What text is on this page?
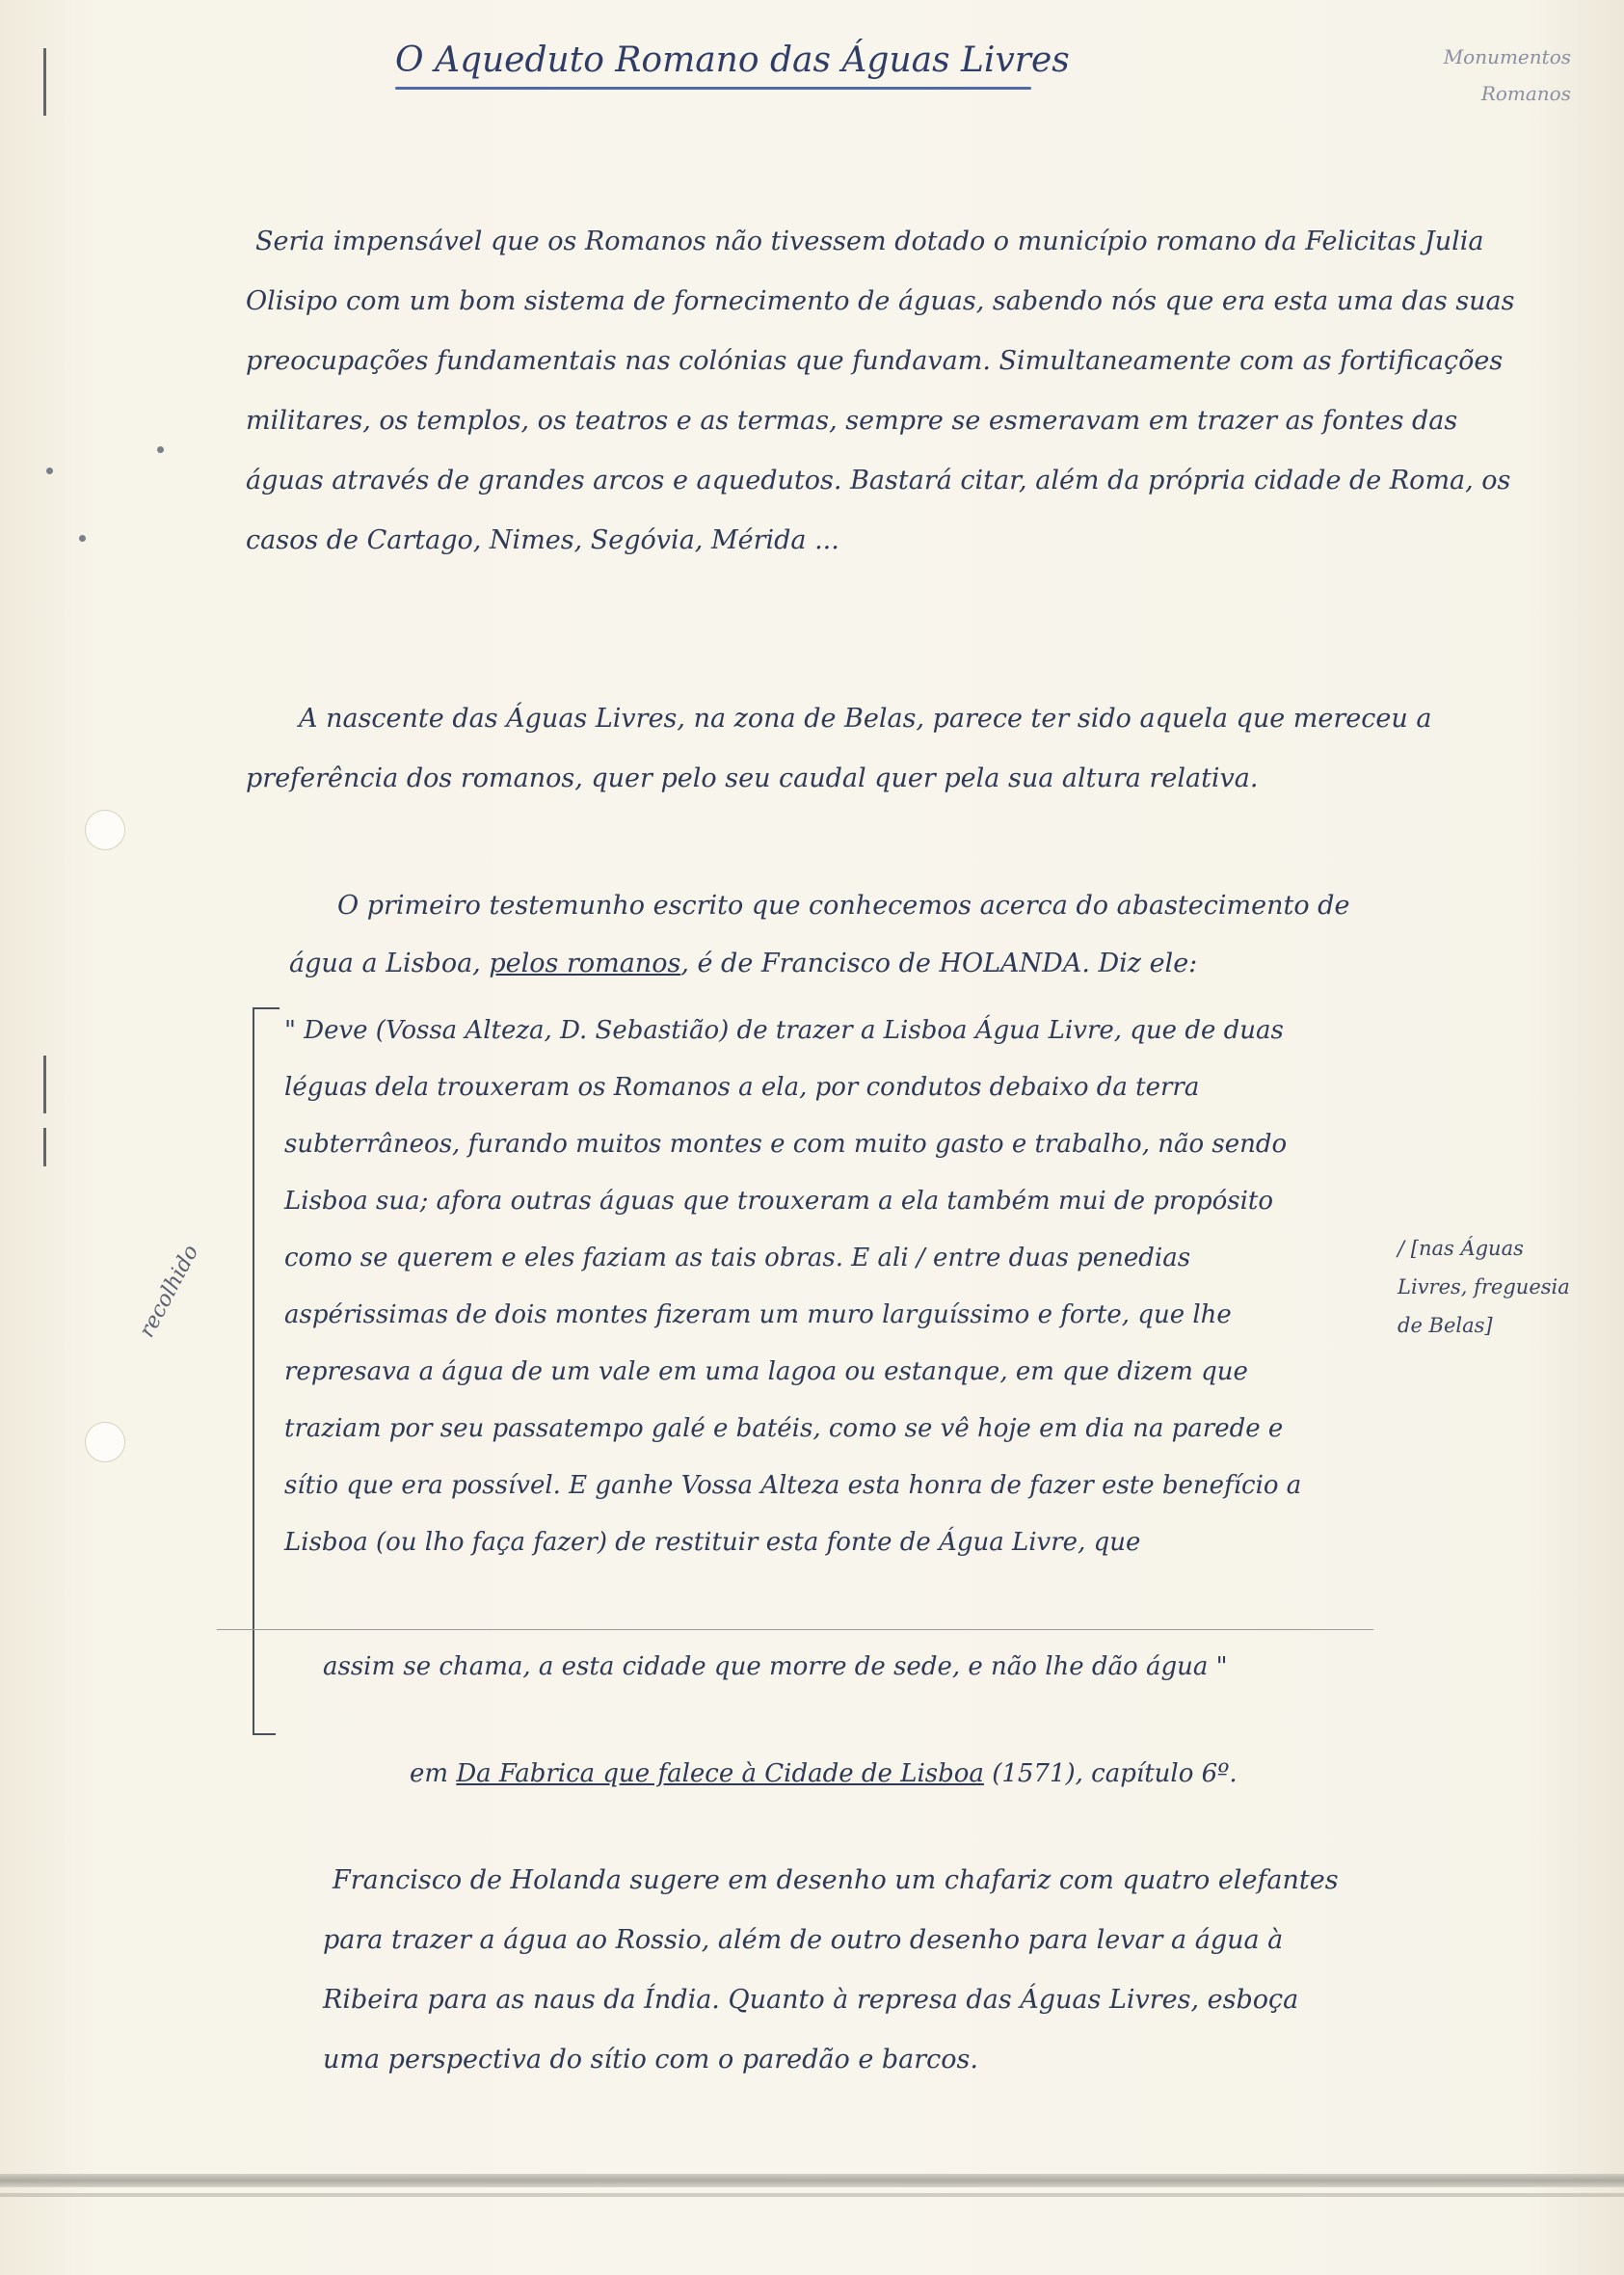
O Aqueduto Romano das Águas Livres	Monumentos
Romanos

Seria impensável que os Romanos não tivessem dotado o município romano da Felicitas Julia Olisipo com um bom sistema de fornecimento de águas, sabendo nós que era esta uma das suas preocupações fundamentais nas colónias que fundavam. Simultaneamente com as fortificações militares, os templos, os teatros e as termas, sempre se esmeravam em trazer as fontes das águas através de grandes arcos e aquedutos. Bastará citar, além da própria cidade de Roma, os casos de Cartago, Nimes, Segóvia, Mérida ...

A nascente das Águas Livres, na zona de Belas, parece ter sido aquela que mereceu a preferência dos romanos, quer pelo seu caudal quer pela sua altura relativa.

O primeiro testemunho escrito que conhecemos acerca do abastecimento de água a Lisboa, pelos romanos, é de Francisco de HOLANDA. Diz ele:

" Deve (Vossa Alteza, D. Sebastião) de trazer a Lisboa Água Livre, que de duas léguas dela trouxeram os Romanos a ela, por condutos debaixo da terra subterrâneos, furando muitos montes e com muito gasto e trabalho, não sendo Lisboa sua; afora outras águas que trouxeram a ela também mui de propósito como se querem e eles faziam as tais obras. E ali / entre duas penedias aspérissimas de dois montes fizeram um muro larguíssimo e forte, que lhe represava a água de um vale em uma lagoa ou estanque, em que dizem que traziam por seu passatempo galé e batéis, como se vê hoje em dia na parede e sítio que era possível. E ganhe Vossa Alteza esta honra de fazer este benefício a Lisboa (ou lho faça fazer) de restituir esta fonte de Água Livre, que
assim se chama, a esta cidade que morre de sede, e não lhe dão água "
em Da Fabrica que falece à Cidade de Lisboa (1571), capítulo 6º.

Francisco de Holanda sugere em desenho um chafariz com quatro elefantes para trazer a água ao Rossio, além de outro desenho para levar a água à Ribeira para as naus da Índia. Quanto à represa das Águas Livres, esboça uma perspectiva do sítio com o paredão e barcos.

/ [nas Águas Livres, freguesia de Belas]
recolhido
